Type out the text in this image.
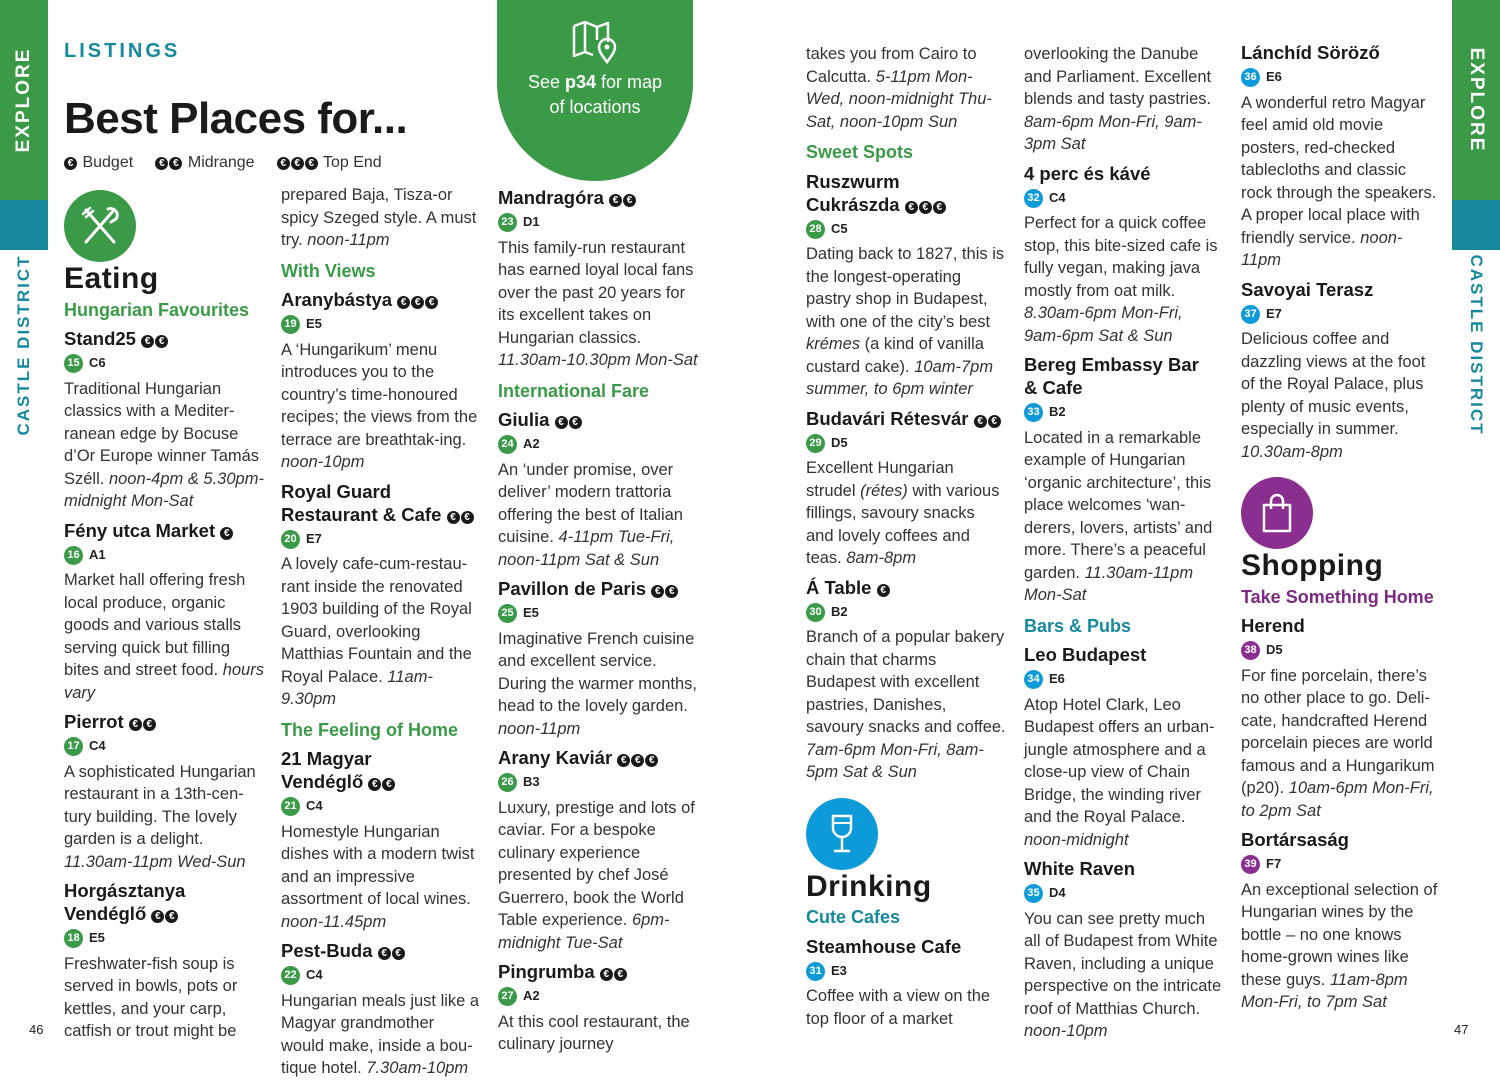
EXPLORE
CASTLE DISTRICT
EXPLORE
CASTLE DISTRICT
LISTINGS
Best Places for...
€ Budget	€ € Midrange	€ € € Top End
See p34 for map
of locations
Eating
Hungarian Favourites
Stand25 € €
15 C6

Traditional Hungarian classics with a Mediter-ranean edge by Bocuse d’Or Europe winner Tamás Széll. noon-4pm & 5.30pm-midnight Mon-Sat

Fény utca Market €
16 A1

Market hall offering fresh local produce, organic goods and various stalls serving quick but filling bites and street food. hours vary

Pierrot € €
17 C4

A sophisticated Hungarian restaurant in a 13th-cen-tury building. The lovely garden is a delight. 11.30am-11pm Wed-Sun

Horgásztanya
Vendéglő € €
18 E5

Freshwater-fish soup is served in bowls, pots or kettles, and your carp, catfish or trout might be

prepared Baja, Tisza-or spicy Szeged style. A must try. noon-11pm

With Views
Aranybástya € € €
19 E5

A ‘Hungarikum’ menu introduces you to the country’s time-honoured recipes; the views from the terrace are breathtak-ing. noon-10pm

Royal Guard
Restaurant & Cafe € €
20 E7

A lovely cafe-cum-restau-rant inside the renovated 1903 building of the Royal Guard, overlooking Matthias Fountain and the Royal Palace. 11am-9.30pm

The Feeling of Home
21 Magyar
Vendéglő € €
21 C4

Homestyle Hungarian dishes with a modern twist and an impressive assortment of local wines. noon-11.45pm

Pest-Buda € €
22 C4

Hungarian meals just like a Magyar grandmother would make, inside a bou-tique hotel. 7.30am-10pm

Mandragóra € €
23 D1

This family-run restaurant has earned loyal local fans over the past 20 years for its excellent takes on Hungarian classics. 11.30am-10.30pm Mon-Sat

International Fare
Giulia € €
24 A2

An ‘under promise, over deliver’ modern trattoria offering the best of Italian cuisine. 4-11pm Tue-Fri, noon-11pm Sat & Sun

Pavillon de Paris € €
25 E5

Imaginative French cuisine and excellent service. During the warmer months, head to the lovely garden. noon-11pm

Arany Kaviár € € €
26 B3

Luxury, prestige and lots of caviar. For a bespoke culinary experience presented by chef José Guerrero, book the World Table experience. 6pm-midnight Tue-Sat

Pingrumba € €
27 A2

At this cool restaurant, the culinary journey

takes you from Cairo to Calcutta. 5-11pm Mon-Wed, noon-midnight Thu-Sat, noon-10pm Sun

Sweet Spots
Ruszwurm
Cukrászda € € €
28 C5

Dating back to 1827, this is the longest-operating pastry shop in Budapest, with one of the city’s best krémes (a kind of vanilla custard cake). 10am-7pm summer, to 6pm winter

Budavári Rétesvár € €
29 D5

Excellent Hungarian strudel (rétes) with various fillings, savoury snacks and lovely coffees and teas. 8am-8pm

Á Table €
30 B2

Branch of a popular bakery chain that charms Budapest with excellent pastries, Danishes, savoury snacks and coffee. 7am-6pm Mon-Fri, 8am-5pm Sat & Sun

Drinking
Cute Cafes
Steamhouse Cafe
31 E3

Coffee with a view on the top floor of a market

overlooking the Danube and Parliament. Excellent blends and tasty pastries. 8am-6pm Mon-Fri, 9am-3pm Sat

4 perc és kávé
32 C4

Perfect for a quick coffee stop, this bite-sized cafe is fully vegan, making java mostly from oat milk. 8.30am-6pm Mon-Fri, 9am-6pm Sat & Sun

Bereg Embassy Bar
& Cafe
33 B2

Located in a remarkable example of Hungarian ‘organic architecture’, this place welcomes ‘wan-derers, lovers, artists’ and more. There’s a peaceful garden. 11.30am-11pm Mon-Sat

Bars & Pubs
Leo Budapest
34 E6

Atop Hotel Clark, Leo Budapest offers an urban-jungle atmosphere and a close-up view of Chain Bridge, the winding river and the Royal Palace. noon-midnight

White Raven
35 D4

You can see pretty much all of Budapest from White Raven, including a unique perspective on the intricate roof of Matthias Church. noon-10pm

Lánchíd Söröző
36 E6

A wonderful retro Magyar feel amid old movie posters, red-checked tablecloths and classic rock through the speakers. A proper local place with friendly service. noon-11pm

Savoyai Terasz
37 E7

Delicious coffee and dazzling views at the foot of the Royal Palace, plus plenty of music events, especially in summer. 10.30am-8pm

Shopping
Take Something Home
Herend
38 D5

For fine porcelain, there’s no other place to go. Deli-cate, handcrafted Herend porcelain pieces are world famous and a Hungarikum (p20). 10am-6pm Mon-Fri, to 2pm Sat

Bortársaság
39 F7

An exceptional selection of Hungarian wines by the bottle – no one knows home-grown wines like these guys. 11am-8pm Mon-Fri, to 7pm Sat

46	47
